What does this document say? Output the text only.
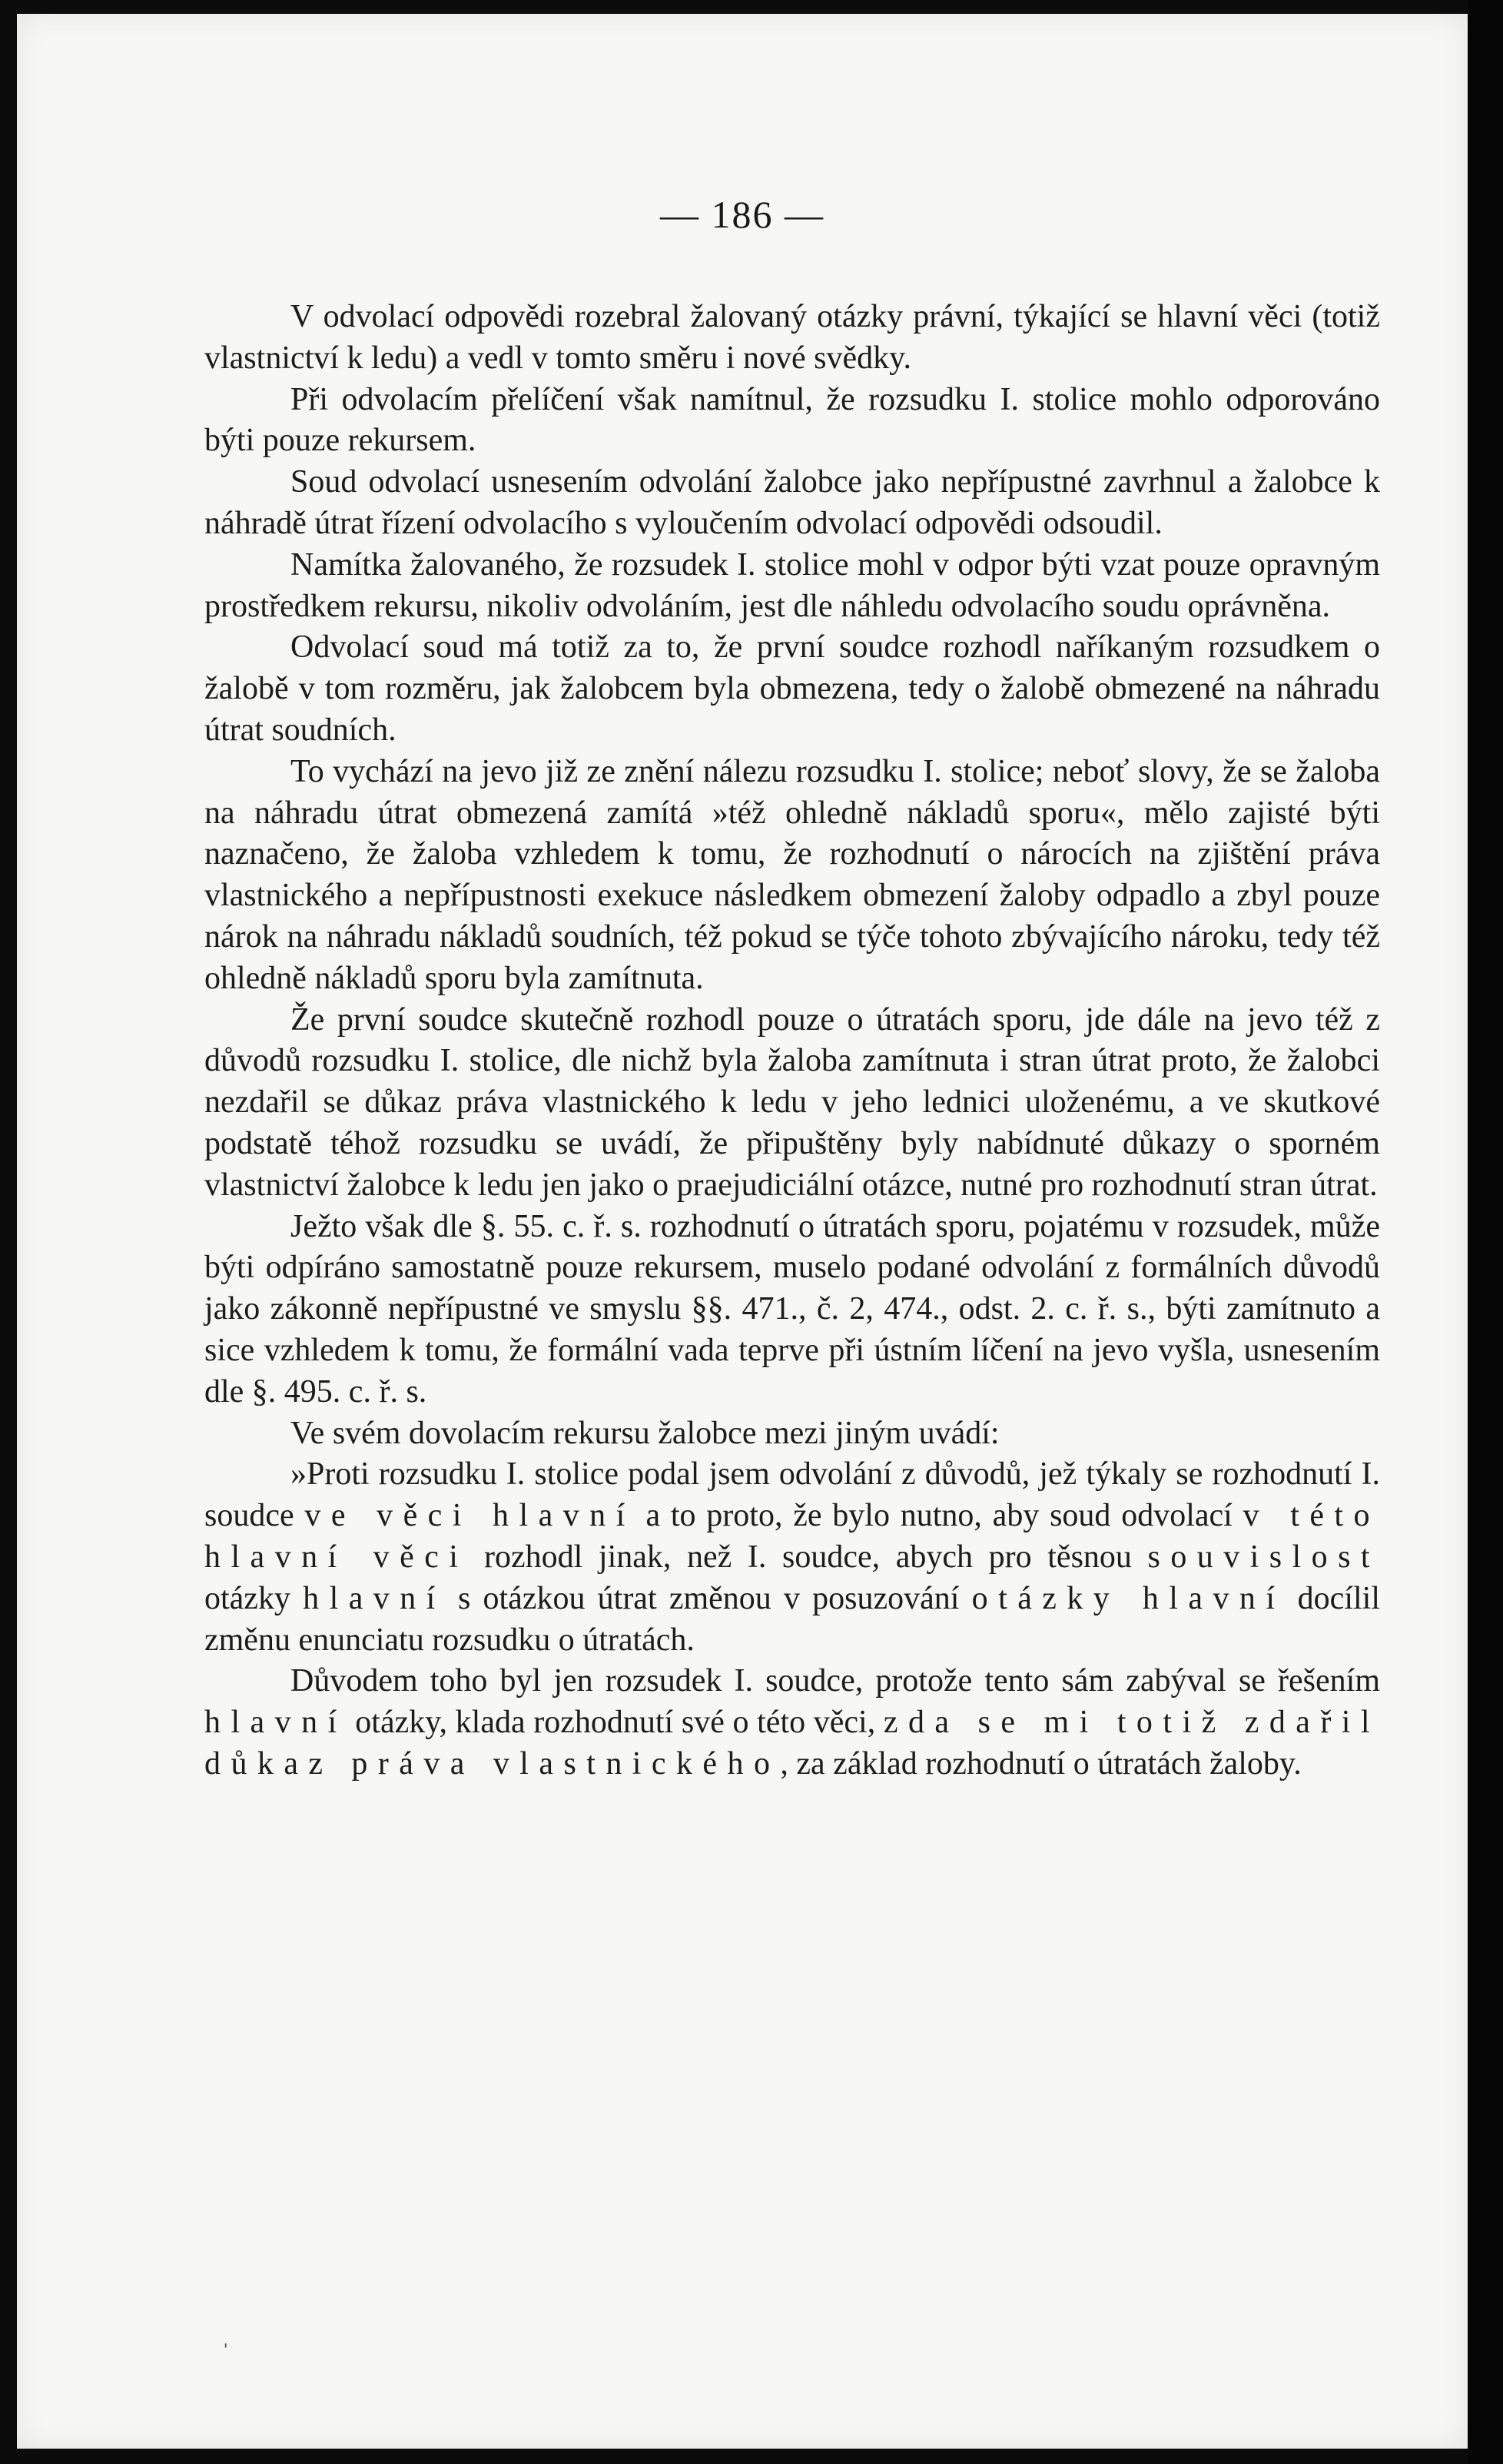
— 186 —

V odvolací odpovědi rozebral žalovaný otázky právní, týkající se hlavní věci (totiž vlastnictví k ledu) a vedl v tomto směru i nové svědky.

Při odvolacím přelíčení však namítnul, že rozsudku I. stolice mohlo odporováno býti pouze rekursem.

Soud odvolací usnesením odvolání žalobce jako nepřípustné zavrhnul a žalobce k náhradě útrat řízení odvolacího s vyloučením odvolací odpovědi odsoudil.

Namítka žalovaného, že rozsudek I. stolice mohl v odpor býti vzat pouze opravným prostředkem rekursu, nikoliv odvoláním, jest dle náhledu odvolacího soudu oprávněna.

Odvolací soud má totiž za to, že první soudce rozhodl naříkaným rozsudkem o žalobě v tom rozměru, jak žalobcem byla obmezena, tedy o žalobě obmezené na náhradu útrat soudních.

To vychází na jevo již ze znění nálezu rozsudku I. stolice; neboť slovy, že se žaloba na náhradu útrat obmezená zamítá »též ohledně nákladů sporu«, mělo zajisté býti naznačeno, že žaloba vzhledem k tomu, že rozhodnutí o nárocích na zjištění práva vlastnického a nepřípustnosti exekuce následkem obmezení žaloby odpadlo a zbyl pouze nárok na náhradu nákladů soudních, též pokud se týče tohoto zbývajícího nároku, tedy též ohledně nákladů sporu byla zamítnuta.

Že první soudce skutečně rozhodl pouze o útratách sporu, jde dále na jevo též z důvodů rozsudku I. stolice, dle nichž byla žaloba zamítnuta i stran útrat proto, že žalobci nezdařil se důkaz práva vlastnického k ledu v jeho lednici uloženému, a ve skutkové podstatě téhož rozsudku se uvádí, že připuštěny byly nabídnuté důkazy o sporném vlastnictví žalobce k ledu jen jako o praejudiciální otázce, nutné pro rozhodnutí stran útrat.

Ježto však dle §. 55. c. ř. s. rozhodnutí o útratách sporu, pojatému v rozsudek, může býti odpíráno samostatně pouze rekursem, muselo podané odvolání z formálních důvodů jako zákonně nepřípustné ve smyslu §§. 471., č. 2, 474., odst. 2. c. ř. s., býti zamítnuto a sice vzhledem k tomu, že formální vada teprve při ústním líčení na jevo vyšla, usnesením dle §. 495. c. ř. s.

Ve svém dovolacím rekursu žalobce mezi jiným uvádí:

»Proti rozsudku I. stolice podal jsem odvolání z důvodů, jež týkaly se rozhodnutí I. soudce ve věci hlavní a to proto, že bylo nutno, aby soud odvolací v této hlavní věci rozhodl jinak, než I. soudce, abych pro těsnou souvislost otázky hlavní s otázkou útrat změnou v posuzování otázky hlavní docílil změnu enunciatu rozsudku o útratách.

Důvodem toho byl jen rozsudek I. soudce, protože tento sám zabýval se řešením hlavní otázky, klada rozhodnutí své o této věci, zda se mi totiž zdařil důkaz práva vlastnického, za základ rozhodnutí o útratách žaloby.

ˌ
